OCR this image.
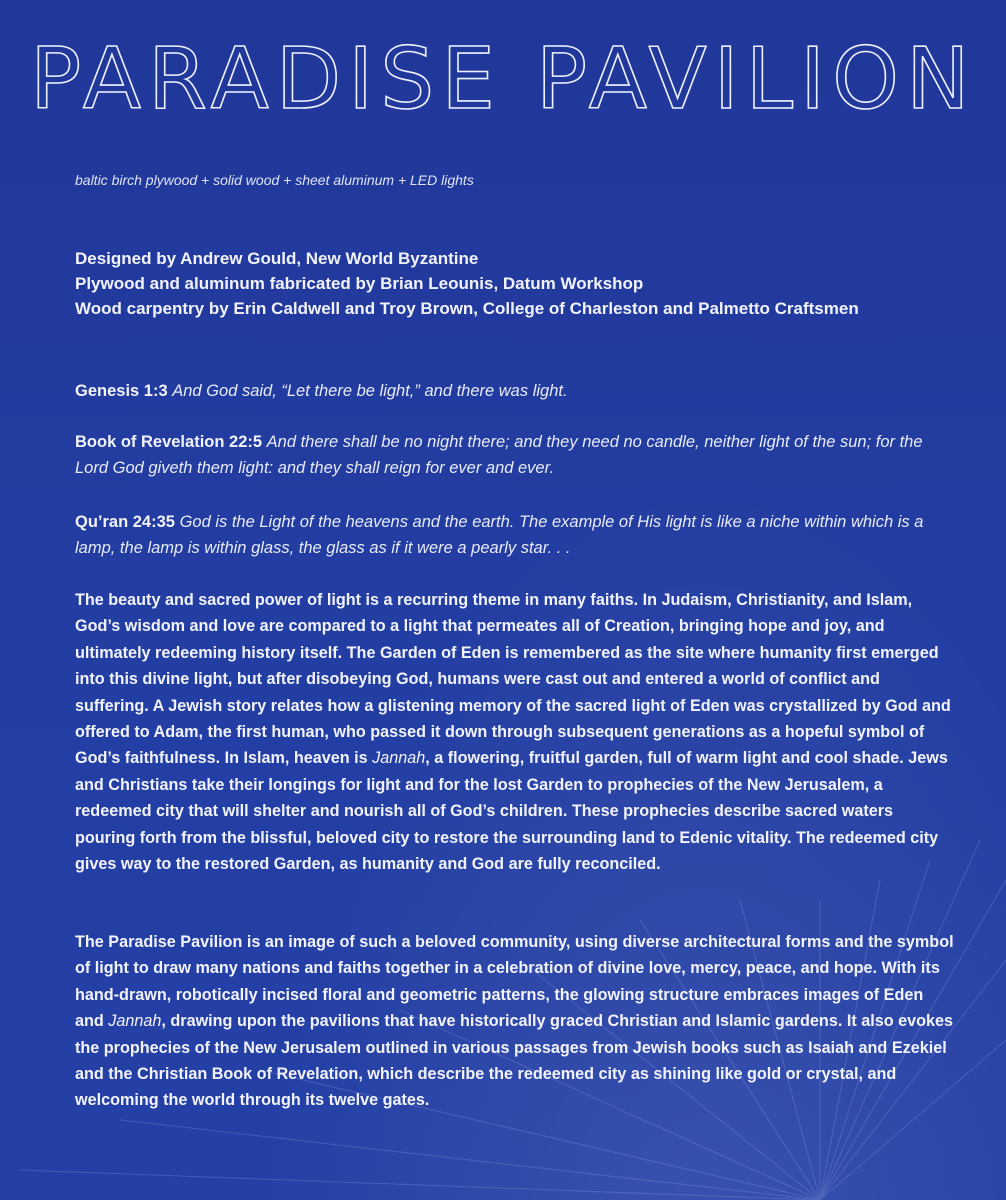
PARADISE PAVILION

baltic birch plywood + solid wood + sheet aluminum + LED lights

Designed by Andrew Gould, New World Byzantine
Plywood and aluminum fabricated by Brian Leounis, Datum Workshop
Wood carpentry by Erin Caldwell and Troy Brown, College of Charleston and Palmetto Craftsmen

Genesis 1:3 And God said, “Let there be light,” and there was light.

Book of Revelation 22:5 And there shall be no night there; and they need no candle, neither light of the sun; for the Lord God giveth them light: and they shall reign for ever and ever.

Qu’ran 24:35 God is the Light of the heavens and the earth. The example of His light is like a niche within which is a lamp, the lamp is within glass, the glass as if it were a pearly star. . .

The beauty and sacred power of light is a recurring theme in many faiths. In Judaism, Christianity, and Islam, God’s wisdom and love are compared to a light that permeates all of Creation, bringing hope and joy, and ultimately redeeming history itself. The Garden of Eden is remembered as the site where humanity first emerged into this divine light, but after disobeying God, humans were cast out and entered a world of conflict and suffering. A Jewish story relates how a glistening memory of the sacred light of Eden was crystallized by God and offered to Adam, the first human, who passed it down through subsequent generations as a hopeful symbol of God’s faithfulness. In Islam, heaven is Jannah, a flowering, fruitful garden, full of warm light and cool shade. Jews and Christians take their longings for light and for the lost Garden to prophecies of the New Jerusalem, a redeemed city that will shelter and nourish all of God’s children. These prophecies describe sacred waters pouring forth from the blissful, beloved city to restore the surrounding land to Edenic vitality. The redeemed city gives way to the restored Garden, as humanity and God are fully reconciled.

The Paradise Pavilion is an image of such a beloved community, using diverse architectural forms and the symbol of light to draw many nations and faiths together in a celebration of divine love, mercy, peace, and hope. With its hand-drawn, robotically incised floral and geometric patterns, the glowing structure embraces images of Eden and Jannah, drawing upon the pavilions that have historically graced Christian and Islamic gardens. It also evokes the prophecies of the New Jerusalem outlined in various passages from Jewish books such as Isaiah and Ezekiel and the Christian Book of Revelation, which describe the redeemed city as shining like gold or crystal, and welcoming the world through its twelve gates.
